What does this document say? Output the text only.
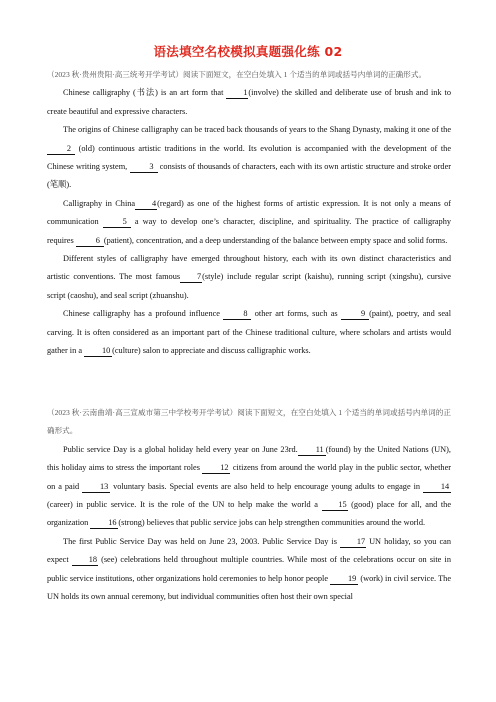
语法填空名校模拟真题强化练 02

（2023 秋·贵州贵阳·高三统考开学考试）阅读下面短文，在空白处填入 1 个适当的单词或括号内单词的正确形式。

Chinese calligraphy (书法) is an art form that 1(involve) the skilled and deliberate use of brush and ink to create beautiful and expressive characters.

The origins of Chinese calligraphy can be traced back thousands of years to the Shang Dynasty, making it one of the 2 (old) continuous artistic traditions in the world. Its evolution is accompanied with the development of the Chinese writing system,	3 consists of thousands of characters, each with its own artistic structure and stroke order (笔顺).

Calligraphy in China 4(regard) as one of the highest forms of artistic expression. It is not only a means of communication	5 a way to develop one’s character, discipline, and spirituality. The practice of calligraphy requires	6 (patient), concentration, and a deep understanding of the balance between empty space and solid forms.

Different styles of calligraphy have emerged throughout history, each with its own distinct characteristics and artistic conventions. The most famous 7(style) include regular script (kaishu), running script (xingshu), cursive script (caoshu), and seal script (zhuanshu).

Chinese calligraphy has a profound influence	8 other art forms, such as	9 (paint), poetry, and seal carving. It is often considered as an important part of the Chinese traditional culture, where scholars and artists would gather in a 10 (culture) salon to appreciate and discuss calligraphic works.

（2023 秋·云南曲靖·高三宣威市第三中学校考开学考试）阅读下面短文，在空白处填入 1 个适当的单词或括号内单词的正确形式。

Public service Day is a global holiday held every year on June 23rd. 11 (found) by the United Nations (UN), this holiday aims to stress the important roles 12 citizens from around the world play in the public sector, whether on a paid	13 voluntary basis. Special events are also held to help encourage young adults to engage in	14(career) in public service. It is the role of the UN to help make the world a 15 (good) place for all, and the organization 16 (strong) believes that public service jobs can help strengthen communities around the world.

The first Public Service Day was held on June 23, 2003. Public Service Day is 17 UN holiday, so you can expect 18 (see) celebrations held throughout multiple countries. While most of the celebrations occur on site in public service institutions, other organizations hold ceremonies to help honor people 19 (work) in civil service. The UN holds its own annual ceremony, but individual communities often host their own special
